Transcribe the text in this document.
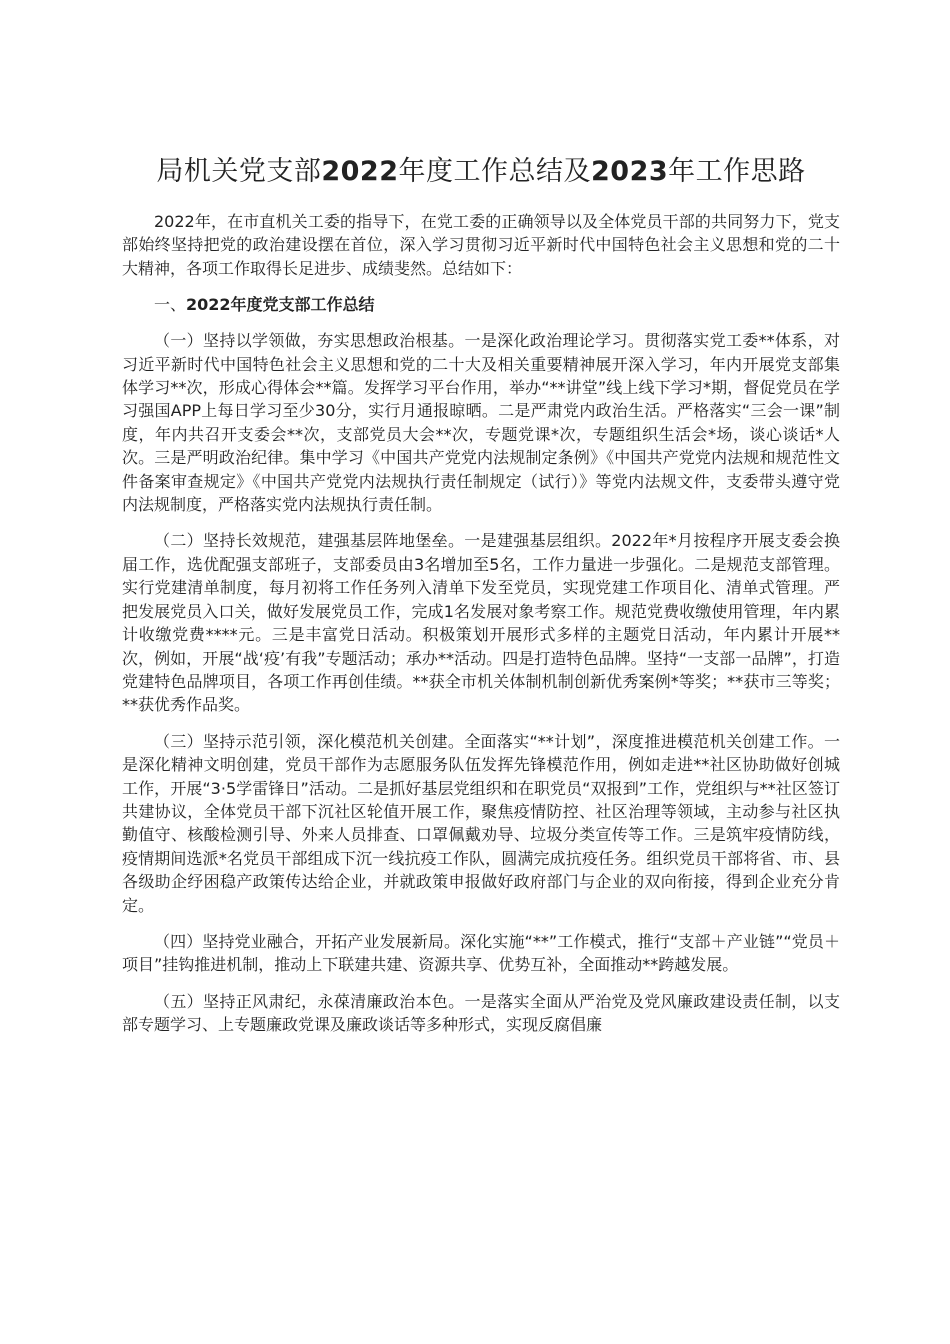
局机关党支部2022年度工作总结及2023年工作思路

2022年，在市直机关工委的指导下，在党工委的正确领导以及全体党员干部的共同努力下，党支部始终坚持把党的政治建设摆在首位，深入学习贯彻习近平新时代中国特色社会主义思想和党的二十大精神，各项工作取得长足进步、成绩斐然。总结如下：

一、2022年度党支部工作总结

（一）坚持以学领做，夯实思想政治根基。一是深化政治理论学习。贯彻落实党工委**体系，对习近平新时代中国特色社会主义思想和党的二十大及相关重要精神展开深入学习，年内开展党支部集体学习**次，形成心得体会**篇。发挥学习平台作用，举办“**讲堂”线上线下学习*期，督促党员在学习强国APP上每日学习至少30分，实行月通报晾晒。二是严肃党内政治生活。严格落实“三会一课”制度，年内共召开支委会**次，支部党员大会**次，专题党课*次，专题组织生活会*场，谈心谈话*人次。三是严明政治纪律。集中学习《中国共产党党内法规制定条例》《中国共产党党内法规和规范性文件备案审查规定》《中国共产党党内法规执行责任制规定（试行）》等党内法规文件，支委带头遵守党内法规制度，严格落实党内法规执行责任制。

（二）坚持长效规范，建强基层阵地堡垒。一是建强基层组织。2022年*月按程序开展支委会换届工作，选优配强支部班子，支部委员由3名增加至5名，工作力量进一步强化。二是规范支部管理。实行党建清单制度，每月初将工作任务列入清单下发至党员，实现党建工作项目化、清单式管理。严把发展党员入口关，做好发展党员工作，完成1名发展对象考察工作。规范党费收缴使用管理，年内累计收缴党费****元。三是丰富党日活动。积极策划开展形式多样的主题党日活动，年内累计开展**次，例如，开展“战‘疫’有我”专题活动；承办**活动。四是打造特色品牌。坚持“一支部一品牌”，打造党建特色品牌项目，各项工作再创佳绩。**获全市机关体制机制创新优秀案例*等奖；**获市三等奖；**获优秀作品奖。

（三）坚持示范引领，深化模范机关创建。全面落实“**计划”，深度推进模范机关创建工作。一是深化精神文明创建，党员干部作为志愿服务队伍发挥先锋模范作用，例如走进**社区协助做好创城工作，开展“3·5学雷锋日”活动。二是抓好基层党组织和在职党员“双报到”工作，党组织与**社区签订共建协议，全体党员干部下沉社区轮值开展工作，聚焦疫情防控、社区治理等领域，主动参与社区执勤值守、核酸检测引导、外来人员排查、口罩佩戴劝导、垃圾分类宣传等工作。三是筑牢疫情防线，疫情期间选派*名党员干部组成下沉一线抗疫工作队，圆满完成抗疫任务。组织党员干部将省、市、县各级助企纾困稳产政策传达给企业，并就政策申报做好政府部门与企业的双向衔接，得到企业充分肯定。

（四）坚持党业融合，开拓产业发展新局。深化实施“**”工作模式，推行“支部＋产业链”“党员＋项目”挂钩推进机制，推动上下联建共建、资源共享、优势互补，全面推动**跨越发展。

（五）坚持正风肃纪，永葆清廉政治本色。一是落实全面从严治党及党风廉政建设责任制，以支部专题学习、上专题廉政党课及廉政谈话等多种形式，实现反腐倡廉
